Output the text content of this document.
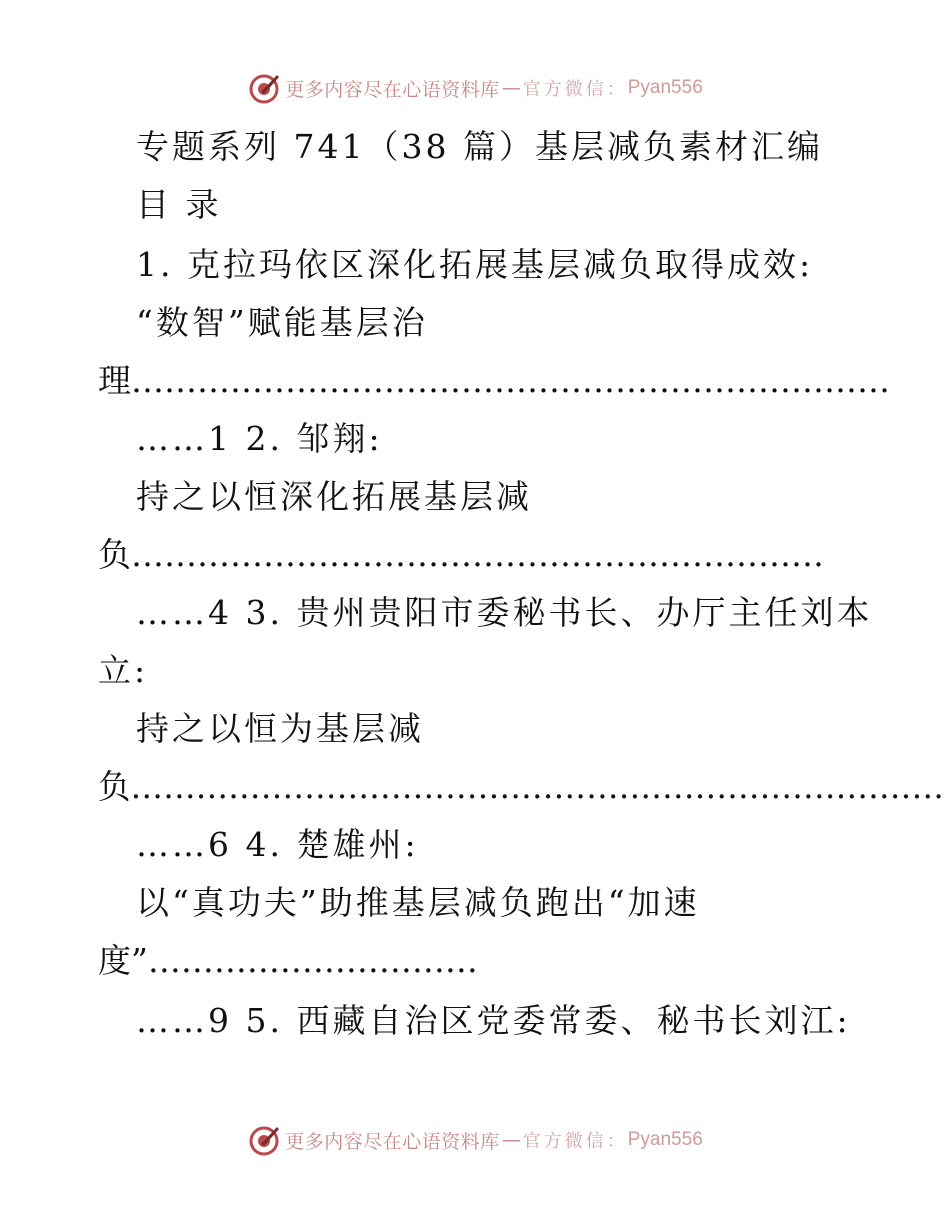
更多内容尽在心语资料库 — 官方微信： Pyan556
专题系列 741（38 篇）基层减负素材汇编
目 录
1. 克拉玛依区深化拓展基层减负取得成效:
“数智”赋能基层治
理……………………………………………………………
……1 2. 邹翔:
持之以恒深化拓展基层减
负………………………………………………………
……4 3. 贵州贵阳市委秘书长、办厅主任刘本
立:
持之以恒为基层减
负…………………………………………………………………
……6 4. 楚雄州:
以“真功夫”助推基层减负跑出“加速
度”…………………………
……9 5. 西藏自治区党委常委、秘书长刘江:
更多内容尽在心语资料库 — 官方微信： Pyan556
